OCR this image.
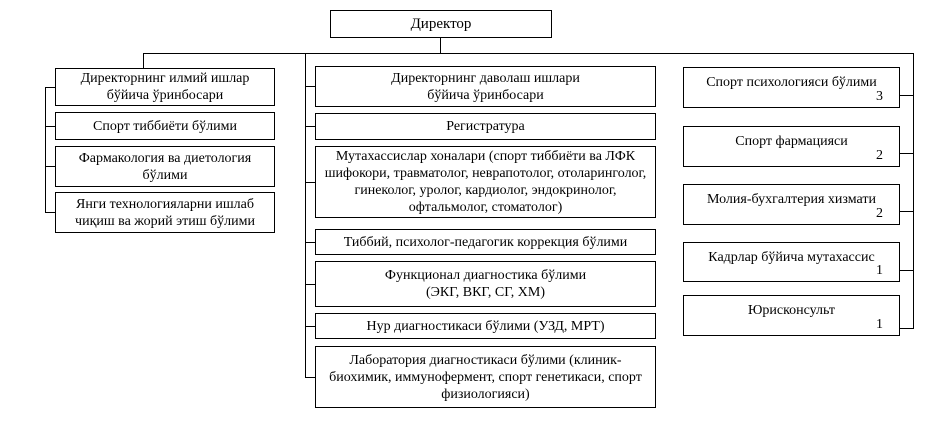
Директор
Директорнинг илмий ишлар бўйича ўринбосари
Спорт тиббиёти бўлими
Фармакология ва диетология бўлими
Янги технологияларни ишлаб чиқиш ва жорий этиш бўлими
Директорнинг даволаш ишлари бўйича ўринбосари
Регистратура
Мутахассислар хоналари (спорт тиббиёти ва ЛФК шифокори, травматолог, неврапотолог, отоларинголог, гинеколог, уролог, кардиолог, эндокринолог, офтальмолог, стоматолог)
Тиббий, психолог-педагогик коррекция бўлими
Функционал диагностика бўлими (ЭКГ, ВКГ, СГ, ХМ)
Нур диагностикаси бўлими (УЗД, МРТ)
Лаборатория диагностикаси бўлими (клиник-биохимик, иммунофермент, спорт генетикаси, спорт физиологияси)
Спорт психологияси бўлими
3
Спорт фармацияси
2
Молия-бухгалтерия хизмати
2
Кадрлар бўйича мутахассис
1
Юрисконсульт
1
